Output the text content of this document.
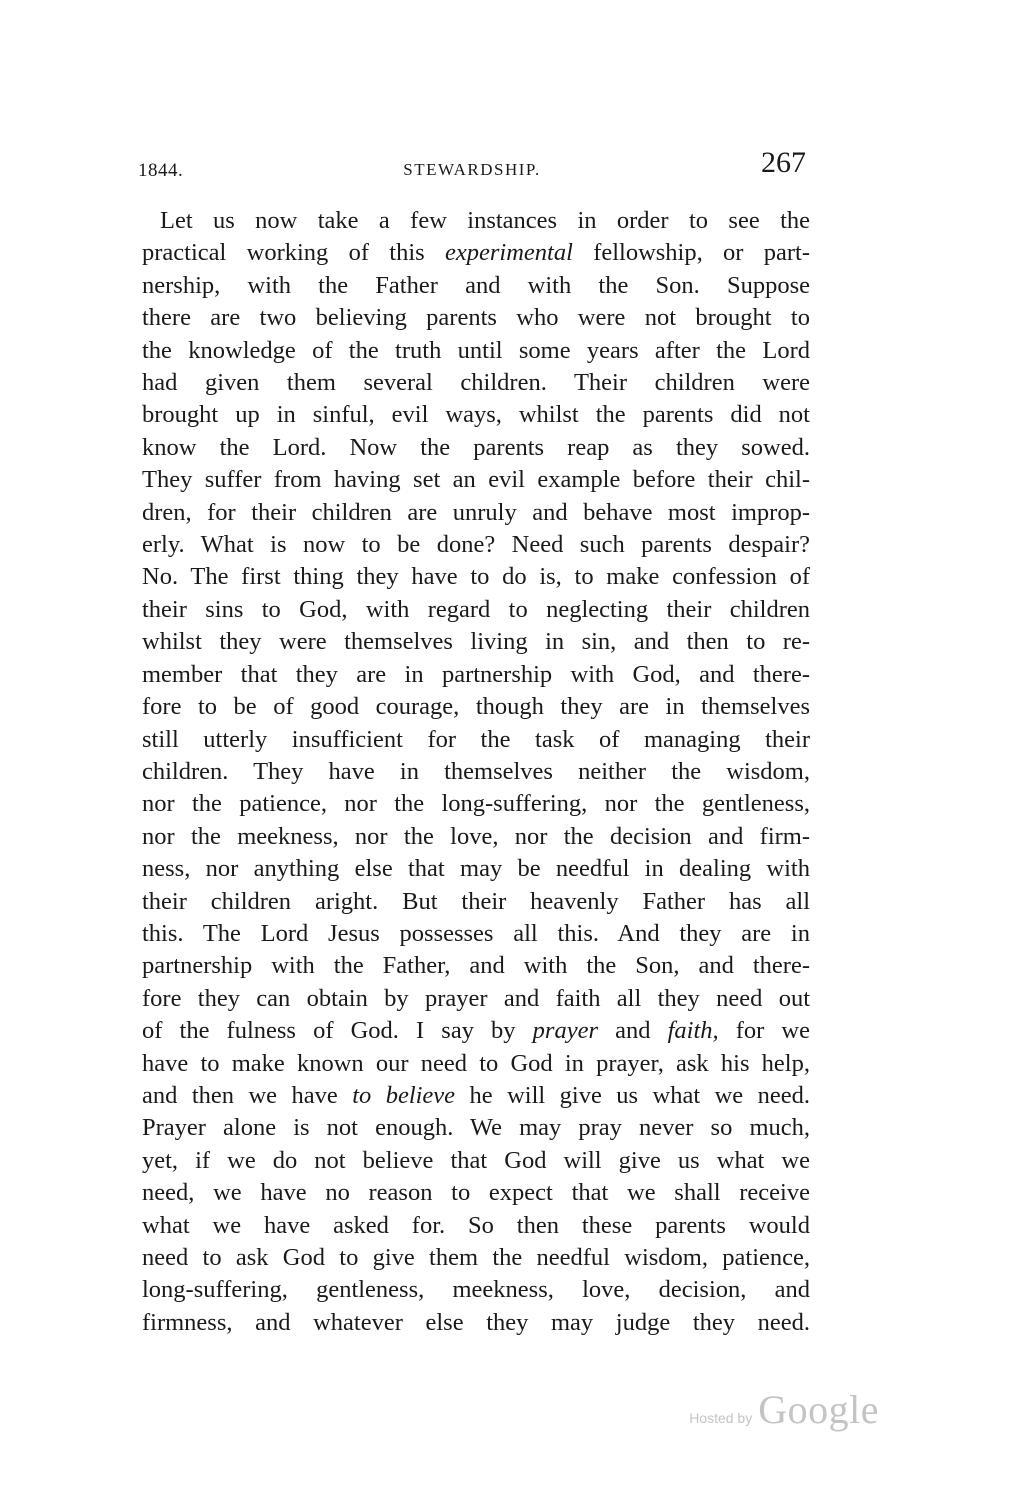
1844.	STEWARDSHIP.	267

Let us now take a few instances in order to see the
practical working of this experimental fellowship, or part-
nership, with the Father and with the Son. Suppose
there are two believing parents who were not brought to
the knowledge of the truth until some years after the Lord
had given them several children. Their children were
brought up in sinful, evil ways, whilst the parents did not
know the Lord. Now the parents reap as they sowed.
They suffer from having set an evil example before their chil-
dren, for their children are unruly and behave most improp-
erly. What is now to be done? Need such parents despair?
No. The first thing they have to do is, to make confession of
their sins to God, with regard to neglecting their children
whilst they were themselves living in sin, and then to re-
member that they are in partnership with God, and there-
fore to be of good courage, though they are in themselves
still utterly insufficient for the task of managing their
children. They have in themselves neither the wisdom,
nor the patience, nor the long-suffering, nor the gentleness,
nor the meekness, nor the love, nor the decision and firm-
ness, nor anything else that may be needful in dealing with
their children aright. But their heavenly Father has all
this. The Lord Jesus possesses all this. And they are in
partnership with the Father, and with the Son, and there-
fore they can obtain by prayer and faith all they need out
of the fulness of God. I say by prayer and faith, for we
have to make known our need to God in prayer, ask his help,
and then we have to believe he will give us what we need.
Prayer alone is not enough. We may pray never so much,
yet, if we do not believe that God will give us what we
need, we have no reason to expect that we shall receive
what we have asked for. So then these parents would
need to ask God to give them the needful wisdom, patience,
long-suffering, gentleness, meekness, love, decision, and
firmness, and whatever else they may judge they need.

Hosted by Google
